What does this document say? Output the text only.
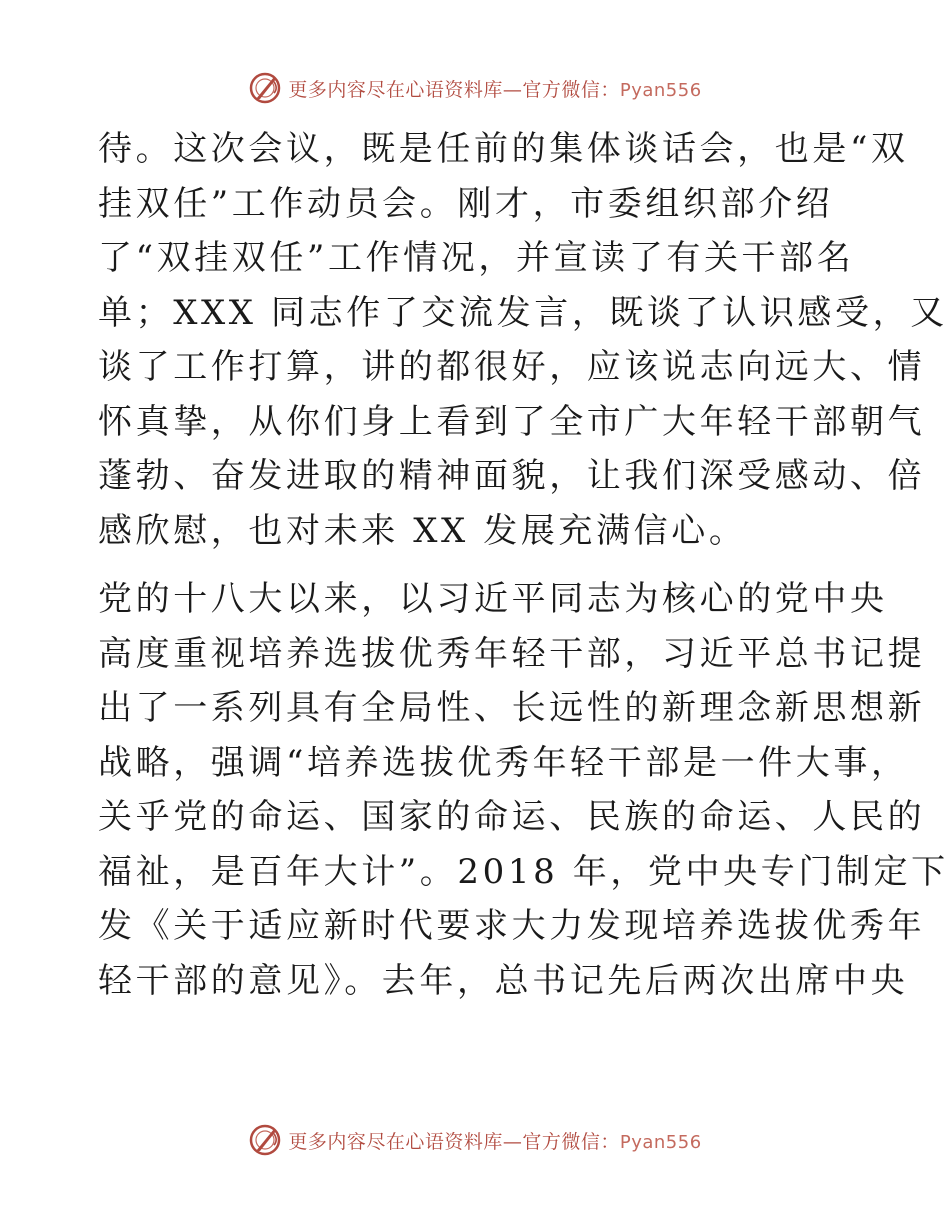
更多内容尽在心语资料库—官方微信：Pyan556
待。这次会议，既是任前的集体谈话会，也是“双
挂双任”工作动员会。刚才，市委组织部介绍
了“双挂双任”工作情况，并宣读了有关干部名
单；XXX 同志作了交流发言，既谈了认识感受，又
谈了工作打算，讲的都很好，应该说志向远大、情
怀真挚，从你们身上看到了全市广大年轻干部朝气
蓬勃、奋发进取的精神面貌，让我们深受感动、倍
感欣慰，也对未来 XX 发展充满信心。
党的十八大以来，以习近平同志为核心的党中央
高度重视培养选拔优秀年轻干部，习近平总书记提
出了一系列具有全局性、长远性的新理念新思想新
战略，强调“培养选拔优秀年轻干部是一件大事，
关乎党的命运、国家的命运、民族的命运、人民的
福祉，是百年大计”。2018 年，党中央专门制定下
发《关于适应新时代要求大力发现培养选拔优秀年
轻干部的意见》。去年，总书记先后两次出席中央
更多内容尽在心语资料库—官方微信：Pyan556
